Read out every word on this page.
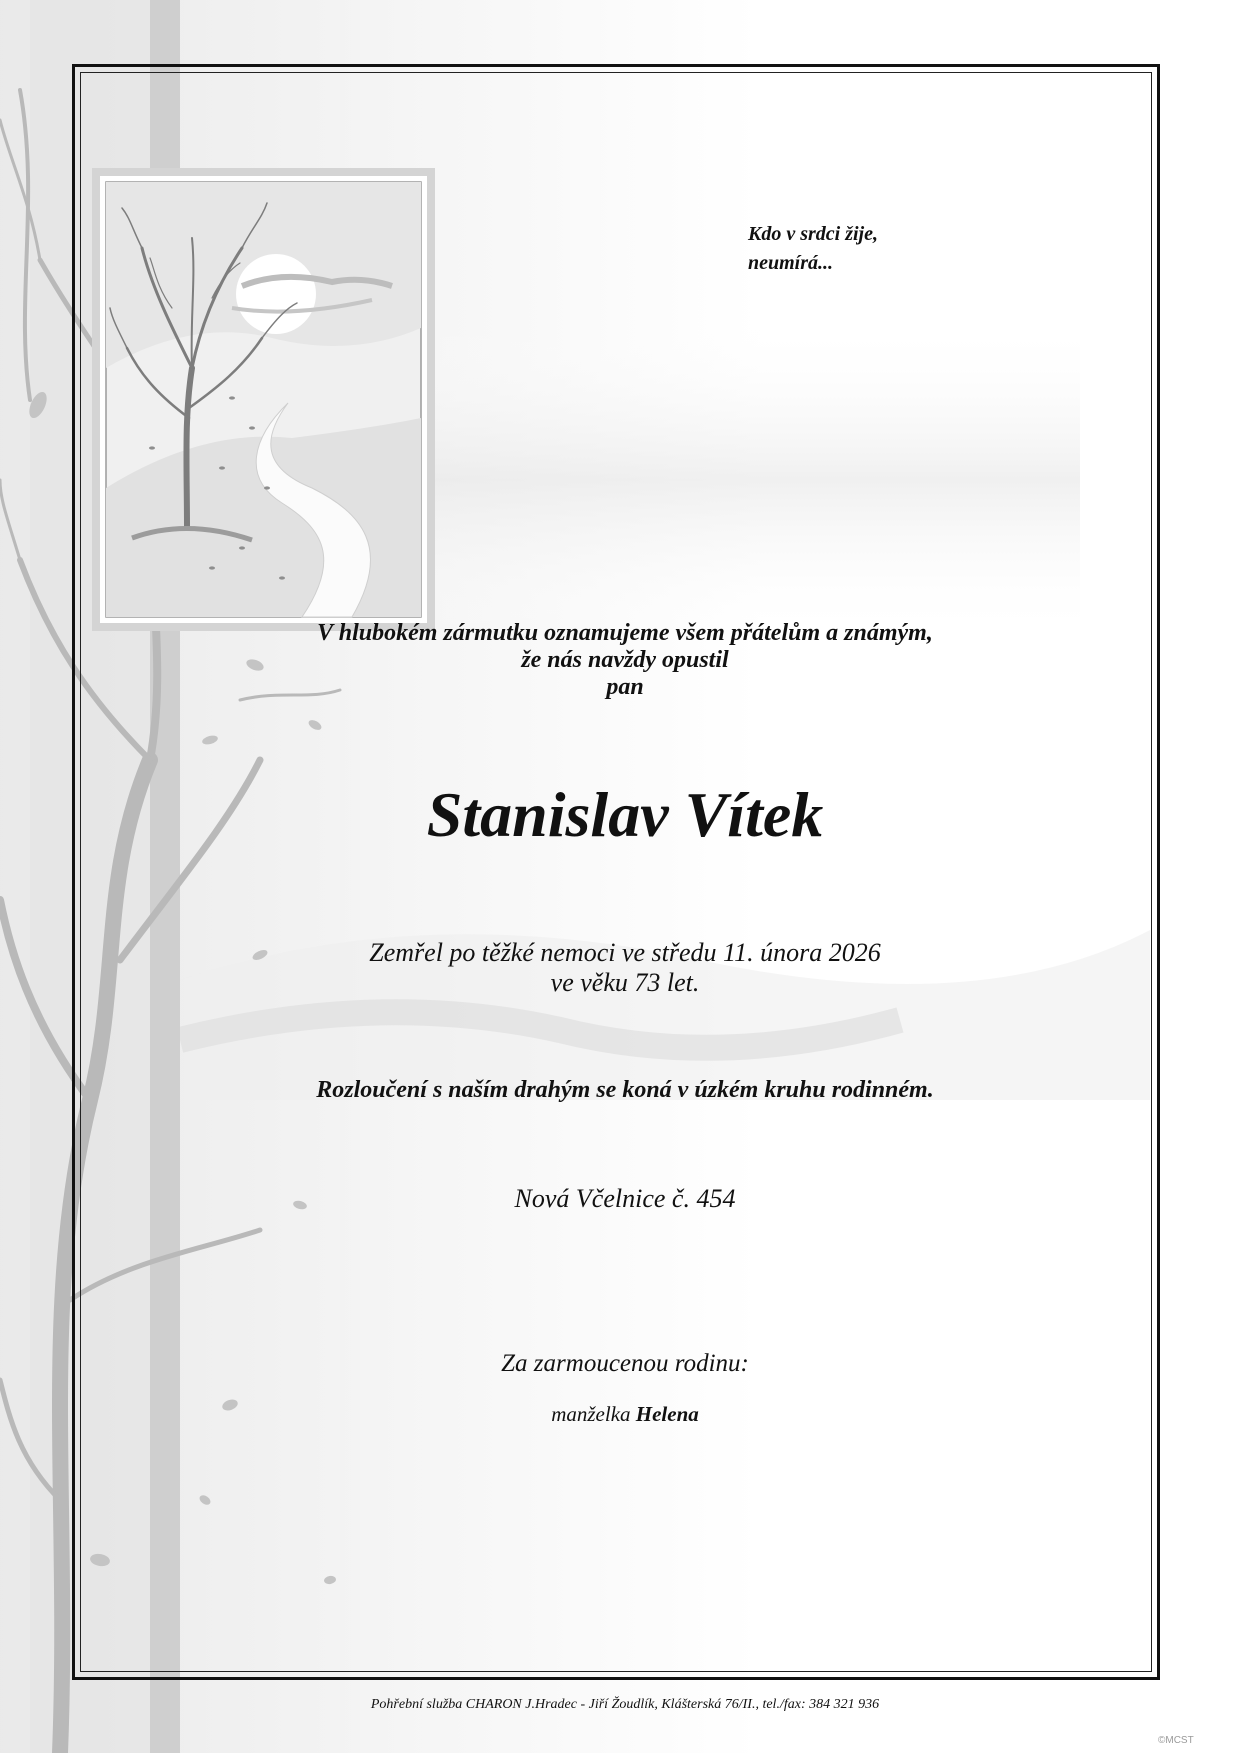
Kdo v srdci žije,
neumírá...
V hlubokém zármutku oznamujeme všem přátelům a známým,
že nás navždy opustil
pan
Stanislav Vítek
Zemřel po těžké nemoci ve středu 11. února 2026
ve věku 73 let.
Rozloučení s naším drahým se koná v úzkém kruhu rodinném.
Nová Včelnice č. 454
Za zarmoucenou rodinu:
manželka Helena
Pohřební služba CHARON J.Hradec - Jiří Žoudlík, Klášterská 76/II., tel./fax: 384 321 936
©MCST
